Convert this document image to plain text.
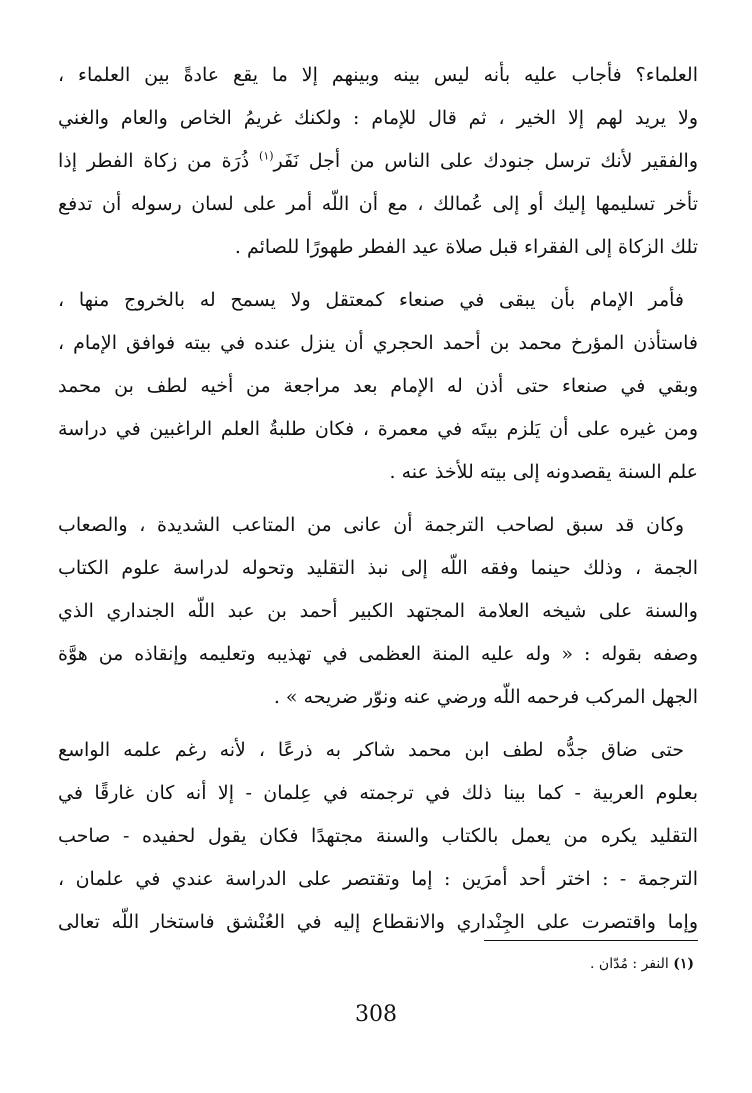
العلماء؟ فأجاب عليه بأنه ليس بينه وبينهم إلا ما يقع عادةً بين العلماء ،
ولا يريد لهم إلا الخير ، ثم قال للإمام : ولكنك غريمُ الخاص والعام والغني
والفقير لأنك ترسل جنودك على الناس من أجل نَفَر$^{(١)}$ ذُرَة من زكاة الفطر إذا
تأخر تسليمها إليك أو إلى عُمالك ، مع أن اللّه أمر على لسان رسوله أن تدفع
تلك الزكاة إلى الفقراء قبل صلاة عيد الفطر طهورًا للصائم .
فأمر الإمام بأن يبقى في صنعاء كمعتقل ولا يسمح له بالخروج منها ،
فاستأذن المؤرخ محمد بن أحمد الحجري أن ينزل عنده في بيته فوافق الإمام ،
وبقي في صنعاء حتى أذن له الإمام بعد مراجعة من أخيه لطف بن محمد
ومن غيره على أن يَلزم بيتَه في معمرة ، فكان طلبةُ العلم الراغبين في دراسة
علم السنة يقصدونه إلى بيته للأخذ عنه .
وكان قد سبق لصاحب الترجمة أن عانى من المتاعب الشديدة ، والصعاب
الجمة ، وذلك حينما وفقه اللّه إلى نبذ التقليد وتحوله لدراسة علوم الكتاب
والسنة على شيخه العلامة المجتهد الكبير أحمد بن عبد اللّه الجنداري الذي
وصفه بقوله : « وله عليه المنة العظمى في تهذيبه وتعليمه وإنقاذه من هوَّة
الجهل المركب فرحمه اللّه ورضي عنه ونوّر ضريحه » .
حتى ضاق جدُّه لطف ابن محمد شاكر به ذرعًا ، لأنه رغم علمه الواسع
بعلوم العربية - كما بينا ذلك في ترجمته في عِلمان - إلا أنه كان غارقًا في
التقليد يكره من يعمل بالكتاب والسنة مجتهدًا فكان يقول لحفيده - صاحب
الترجمة - : اختر أحد أمرَين : إما وتقتصر على الدراسة عندي في علمان ،
وإما واقتصرت على الجِنْداري والانقطاع إليه في العُنْشق فاستخار اللّه تعالى
(١) النفر : مُدّان .
308
